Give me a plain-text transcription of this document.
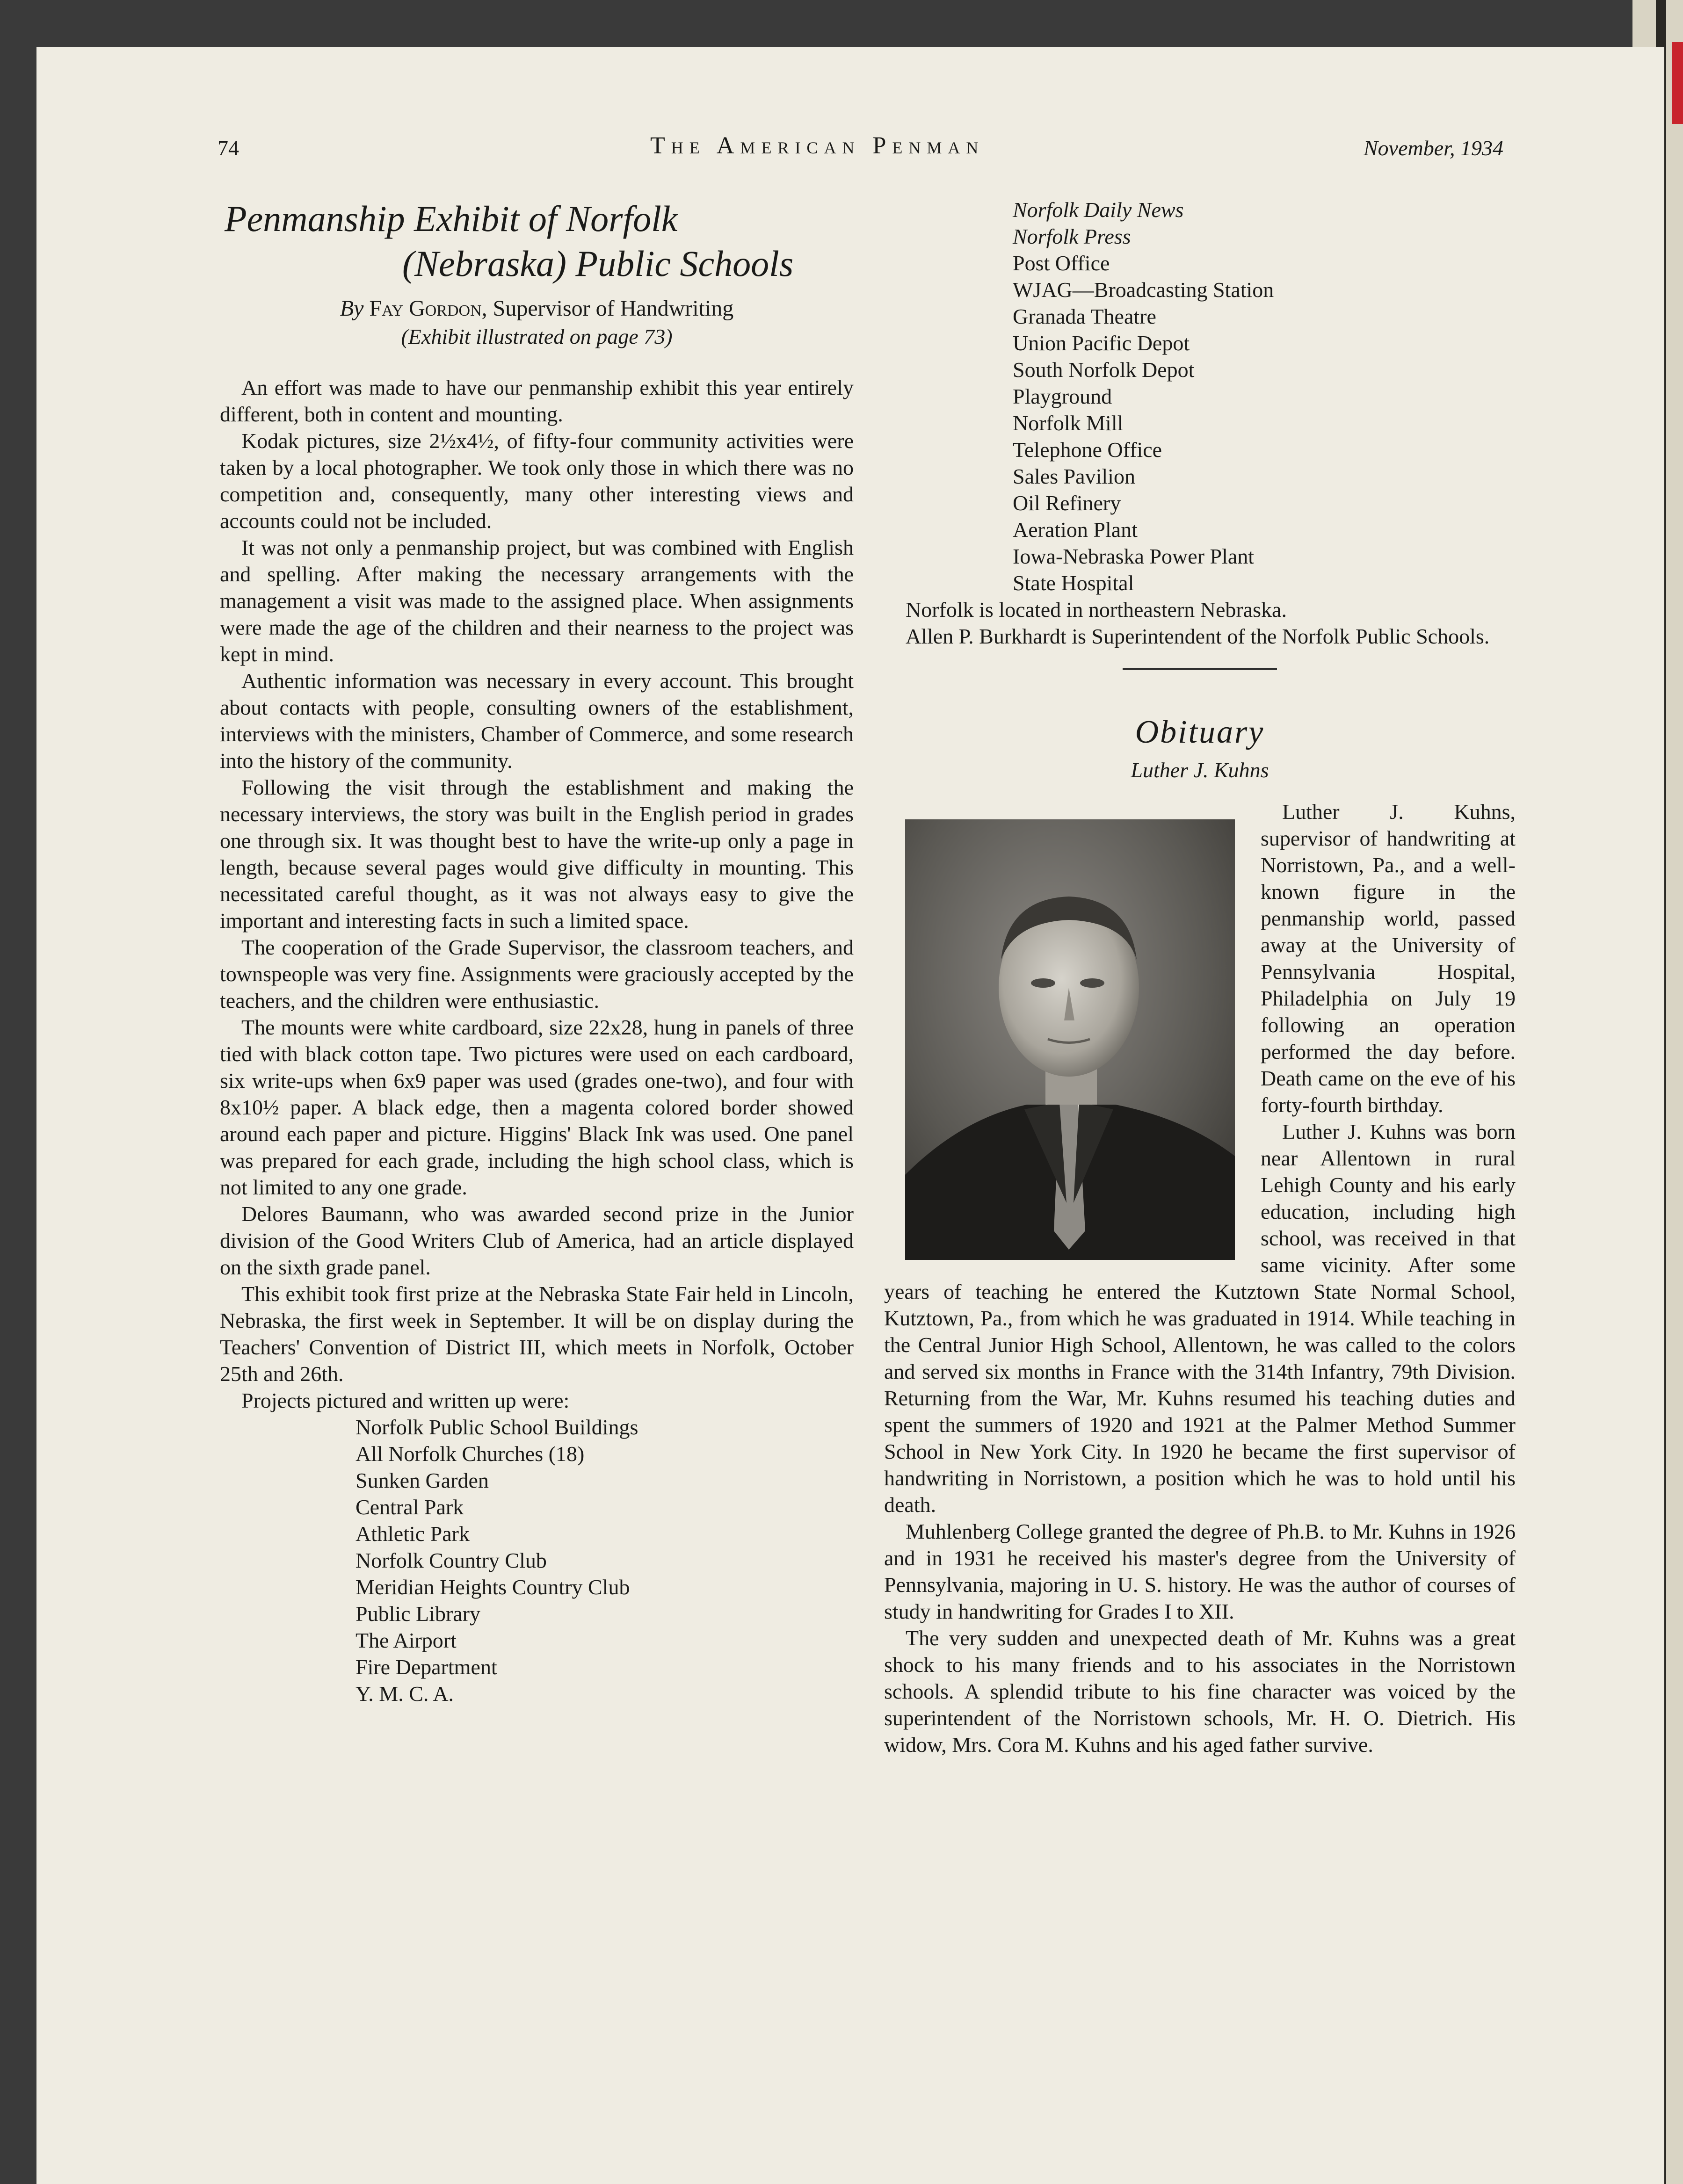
74	The American Penman	November, 1934
Penmanship Exhibit of Norfolk
(Nebraska) Public Schools
By Fay Gordon, Supervisor of Handwriting
(Exhibit illustrated on page 73)

An effort was made to have our penmanship exhibit this year entirely different, both in content and mounting.

Kodak pictures, size 2½x4½, of fifty-four community activities were taken by a local photographer. We took only those in which there was no competition and, consequently, many other interesting views and accounts could not be included.

It was not only a penmanship project, but was combined with English and spelling. After making the necessary arrangements with the management a visit was made to the assigned place. When assignments were made the age of the children and their nearness to the project was kept in mind.

Authentic information was necessary in every account. This brought about contacts with people, consulting owners of the establishment, interviews with the ministers, Chamber of Commerce, and some research into the history of the community.

Following the visit through the establishment and making the necessary interviews, the story was built in the English period in grades one through six. It was thought best to have the write-up only a page in length, because several pages would give difficulty in mounting. This necessitated careful thought, as it was not always easy to give the important and interesting facts in such a limited space.

The cooperation of the Grade Supervisor, the classroom teachers, and townspeople was very fine. Assignments were graciously accepted by the teachers, and the children were enthusiastic.

The mounts were white cardboard, size 22x28, hung in panels of three tied with black cotton tape. Two pictures were used on each cardboard, six write-ups when 6x9 paper was used (grades one-two), and four with 8x10½ paper. A black edge, then a magenta colored border showed around each paper and picture. Higgins' Black Ink was used. One panel was prepared for each grade, including the high school class, which is not limited to any one grade.

Delores Baumann, who was awarded second prize in the Junior division of the Good Writers Club of America, had an article displayed on the sixth grade panel.

This exhibit took first prize at the Nebraska State Fair held in Lincoln, Nebraska, the first week in September. It will be on display during the Teachers' Convention of District III, which meets in Norfolk, October 25th and 26th.

Projects pictured and written up were:

Norfolk Public School Buildings
All Norfolk Churches (18)
Sunken Garden
Central Park
Athletic Park
Norfolk Country Club
Meridian Heights Country Club
Public Library
The Airport
Fire Department
Y. M. C. A.
Norfolk Daily News
Norfolk Press
Post Office
WJAG—Broadcasting Station
Granada Theatre
Union Pacific Depot
South Norfolk Depot
Playground
Norfolk Mill
Telephone Office
Sales Pavilion
Oil Refinery
Aeration Plant
Iowa-Nebraska Power Plant
State Hospital

Norfolk is located in northeastern Nebraska.

Allen P. Burkhardt is Superintendent of the Norfolk Public Schools.

Obituary
Luther J. Kuhns

Luther J. Kuhns, supervisor of handwriting at Norristown, Pa., and a well-known figure in the penmanship world, passed away at the University of Pennsylvania Hospital, Philadelphia on July 19 following an operation performed the day before. Death came on the eve of his forty-fourth birthday.

Luther J. Kuhns was born near Allentown in rural Lehigh County and his early education, including high school, was received in that same vicinity. After some years of teaching he entered the Kutztown State Normal School, Kutztown, Pa., from which he was graduated in 1914. While teaching in the Central Junior High School, Allentown, he was called to the colors and served six months in France with the 314th Infantry, 79th Division. Returning from the War, Mr. Kuhns resumed his teaching duties and spent the summers of 1920 and 1921 at the Palmer Method Summer School in New York City. In 1920 he became the first supervisor of handwriting in Norristown, a position which he was to hold until his death.

Muhlenberg College granted the degree of Ph.B. to Mr. Kuhns in 1926 and in 1931 he received his master's degree from the University of Pennsylvania, majoring in U. S. history. He was the author of courses of study in handwriting for Grades I to XII.

The very sudden and unexpected death of Mr. Kuhns was a great shock to his many friends and to his associates in the Norristown schools. A splendid tribute to his fine character was voiced by the superintendent of the Norristown schools, Mr. H. O. Dietrich. His widow, Mrs. Cora M. Kuhns and his aged father survive.
